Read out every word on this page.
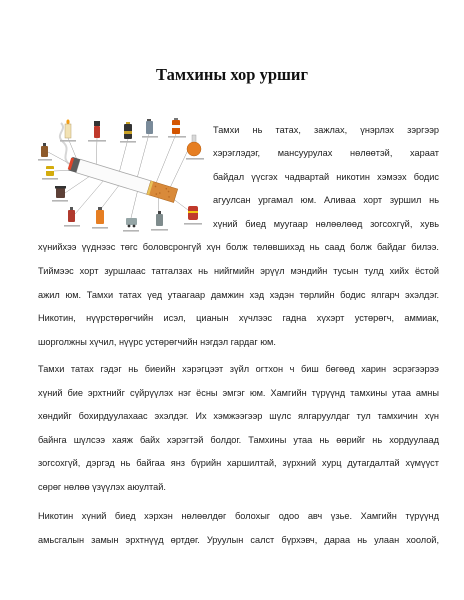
Тамхины хор уршиг
Тамхи нь татах, зажлах, үнэрлэх зэргээр
хэрэглэдэг, мансуурулах нөлөөтэй, хараат
байдал үүсгэх чадвартай никотин хэмээх бодис
агуулсан ургамал юм. Аливаа хорт зуршил нь
хүний биед муугаар нөлөөлөөд зогсохгүй, хувь
хүнийхээ үүднээс төгс боловсронгүй хүн болж төлөвшихэд нь саад болж байдаг билээ.
Тиймээс хорт зуршлаас татгалзах нь нийгмийн эрүүл мэндийн тусын тулд хийх ёстой
ажил юм. Тамхи татах үед утаагаар дамжин хэд хэдэн төрлийн бодис ялгарч эхэлдэг.
Никотин, нүүрстөрөгчийн исэл, цианын хүчлээс гадна хүхэрт устөрөгч, аммиак,
шорголжны хүчил, нүүрс устөрөгчийн нэгдэл гардаг юм.
Тамхи татах гэдэг нь биеийн хэрэгцээт зүйл огтхон ч биш бөгөөд харин эсрэгээрээ
хүний бие эрхтнийг сүйрүүлэх нэг ёсны эмгэг юм. Хамгийн түрүүнд тамхины утаа амны
хөндийг бохирдуулахаас эхэлдэг. Их хэмжээгээр шүлс ялгаруулдаг тул тамхичин хүн
байнга шүлсээ хаяж байх хэрэгтэй болдог. Тамхины утаа нь өөрийг нь хордуулаад
зогсохгүй, дэргэд нь байгаа янз бүрийн харшилтай, зүрхний хурц дутагдалтай хүмүүст
сөрөг нөлөө үзүүлэх аюултай.
Никотин хүний биед хэрхэн нөлөөлдөг болохыг одоо авч үзье. Хамгийн түрүүнд
амьсгалын замын эрхтнүүд өртдөг. Уруулын салст бүрхэвч, дараа нь улаан хоолой,
